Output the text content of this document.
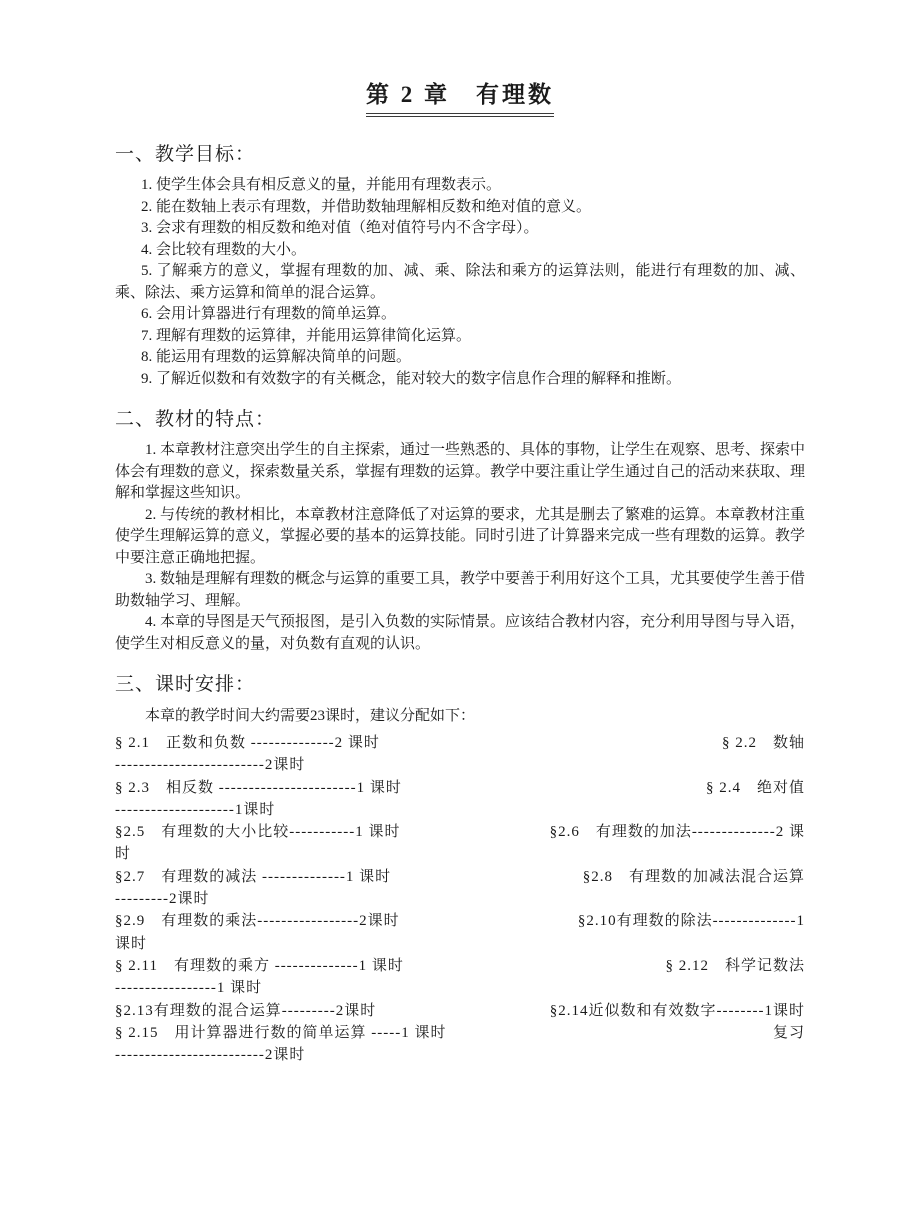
第 2 章　有理数
一、教学目标：

1. 使学生体会具有相反意义的量，并能用有理数表示。

2. 能在数轴上表示有理数，并借助数轴理解相反数和绝对值的意义。

3. 会求有理数的相反数和绝对值（绝对值符号内不含字母）。

4. 会比较有理数的大小。

5. 了解乘方的意义，掌握有理数的加、减、乘、除法和乘方的运算法则，能进行有理数的加、减、乘、除法、乘方运算和简单的混合运算。

6. 会用计算器进行有理数的简单运算。

7. 理解有理数的运算律，并能用运算律简化运算。

8. 能运用有理数的运算解决简单的问题。

9. 了解近似数和有效数字的有关概念，能对较大的数字信息作合理的解释和推断。

二、教材的特点：

1. 本章教材注意突出学生的自主探索，通过一些熟悉的、具体的事物，让学生在观察、思考、探索中体会有理数的意义，探索数量关系，掌握有理数的运算。教学中要注重让学生通过自己的活动来获取、理解和掌握这些知识。

2. 与传统的教材相比，本章教材注意降低了对运算的要求，尤其是删去了繁难的运算。本章教材注重使学生理解运算的意义，掌握必要的基本的运算技能。同时引进了计算器来完成一些有理数的运算。教学中要注意正确地把握。

3. 数轴是理解有理数的概念与运算的重要工具，教学中要善于利用好这个工具，尤其要使学生善于借助数轴学习、理解。

4. 本章的导图是天气预报图，是引入负数的实际情景。应该结合教材内容，充分利用导图与导入语，使学生对相反意义的量，对负数有直观的认识。

三、课时安排：

本章的教学时间大约需要23课时，建议分配如下：

§ 2.1　正数和负数 --------------2 课时	§ 2.2　数轴
-------------------------2课时
§ 2.3　相反数 -----------------------1 课时	§ 2.4　绝对值
--------------------1课时
§2.5　有理数的大小比较-----------1 课时	§2.6　有理数的加法--------------2 课
时
§2.7　有理数的减法 --------------1 课时	§2.8　有理数的加减法混合运算
---------2课时
§2.9　有理数的乘法-----------------2课时	§2.10有理数的除法--------------1
课时
§ 2.11　有理数的乘方 --------------1 课时	§ 2.12　科学记数法
-----------------1 课时
§2.13有理数的混合运算---------2课时	§2.14近似数和有效数字--------1课时
§ 2.15　用计算器进行数的简单运算 -----1 课时	复习
-------------------------2课时
